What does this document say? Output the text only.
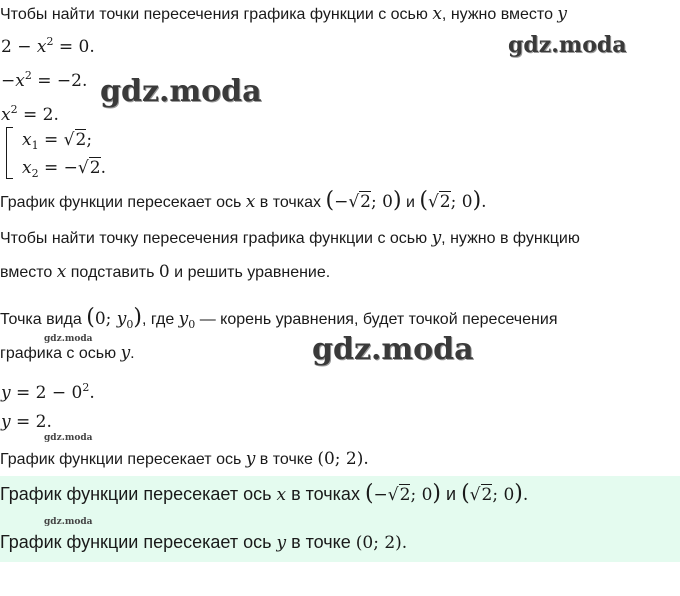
Чтобы найти точки пересечения графика функции с осью x, нужно вместо y
$2 - x^2 = 0$.
$-x^2 = -2$.
$x^2 = 2$.
$x_1 = √2$;
$x_2 = -√2$.
График функции пересекает ось x в точках (−√2; 0) и (√2; 0).
Чтобы найти точку пересечения графика функции с осью y, нужно в функцию
вместо x подставить 0 и решить уравнение.
Точка вида (0; $y_0$), где $y_0$ — корень уравнения, будет точкой пересечения
графика с осью y.
$y = 2 - 0^2$.
y = 2.
График функции пересекает ось y в точке (0; 2).
График функции пересекает ось x в точках (−√2; 0) и (√2; 0).
График функции пересекает ось y в точке (0; 2).
gdz.moda
gdz.moda
gdz.moda
gdz.moda
gdz.moda
gdz.moda
